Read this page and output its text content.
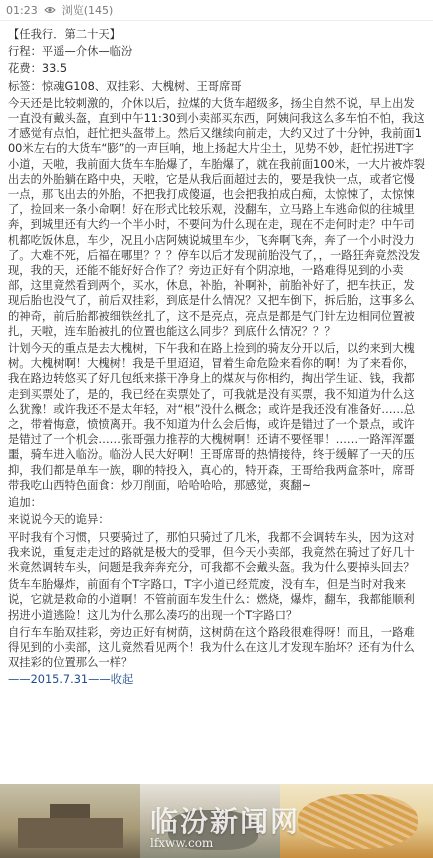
01:23 浏览(145)
【任我行．第二十天】
行程：平遥—介休—临汾
花费：33.5
标签：惊魂G108、双挂彩、大槐树、王哥席哥
今天还是比较刺激的，介休以后，拉煤的大货车超级多，扬尘自然不说，早上出发一直没有戴头盔，直到中午11:30到小卖部买东西，阿姨问我这么多车怕不怕，我这才感觉有点怕，赶忙把头盔带上。然后又继续向前走，大约又过了十分钟，我前面100米左右的大货车“膨”的一声巨响，地上扬起大片尘土，见势不妙，赶忙拐进T字小道，天啦，我前面大货车车胎爆了，车胎爆了，就在我前面100米，一大片被炸裂出去的外胎躺在路中央，天啦，它是从我后面超过去的，要是我快一点，或者它慢一点，那飞出去的外胎，不把我打成傻逼，也会把我拍成白痴，太惊悚了，太惊悚了，捡回来一条小命啊！好在形式比较乐观，没翻车，立马路上车逃命似的往城里奔，到城里还有大约一个半小时，不要问为什么现在走，现在不走何时走？中午司机都吃饭休息，车少，况且小店阿姨说城里车少，飞奔啊飞奔，奔了一个小时没力了。大难不死，后福在哪里？？？停车以后才发现前胎没气了，，一路狂奔竟然没发现，我的天，还能不能好好合作了？旁边正好有个阴凉地，一路难得见到的小卖部，这里竟然看到两个，买水，休息，补胎，补啊补，前胎补好了，把车扶正，发现后胎也没气了，前后双挂彩，到底是什么情况？又把车倒下，拆后胎，这事多么的神奇，前后胎都被细铁丝扎了，这不是亮点，亮点是都是气门针左边相同位置被扎，天啦，连车胎被扎的位置也能这么同步？到底什么情况？？？
计划今天的重点是去大槐树，下午我和在路上捡到的骑友分开以后，以约来到大槐树。大槐树啊！大槐树！我是千里迢迢，冒着生命危险来看你的啊！为了来看你，我在路边转悠买了好几包纸来搽干净身上的煤灰与你相约，掏出学生证、钱，我都走到买票处了，是的，我已经在卖票处了，可我就是没有买票，我不知道为什么这么犹豫！或许我还不是太年轻，对“根”没什么概念；或许是我还没有准备好……总之，带着悔意，愤愤离开。我不知道为什么会后悔，或许是错过了一个景点，或许是错过了一个机会……张哥强力推荐的大槐树啊！还请不要怪罪！……一路浑浑噩噩，骑车进入临汾。临汾人民大好啊！王哥席哥的热情接待，终于缓解了一天的压抑，我们都是单车一族，聊的特投入，真心的，特开森，王哥给我两盒茶叶，席哥带我吃山西特色面食：炒刀削面，哈哈哈哈，那感觉，爽翻~
追加：
来说说今天的诡异：
平时我有个习惯，只要骑过了，那怕只骑过了几米，我都不会调转车头，因为这对我来说，重复走走过的路就是极大的受罪，但今天小卖部，我竟然在骑过了好几十米竟然调转车头，问题是我奔奔充分，可我都不会戴头盔。我为什么要掉头回去？
货车车胎爆炸，前面有个T字路口，T字小道已经荒废，没有车，但是当时对我来说，它就是救命的小道啊！不管前面车发生什么：燃烧，爆炸，翻车，我都能顺利拐进小道逃险！这儿为什么那么凑巧的出现一个T字路口？
自行车车胎双挂彩，旁边正好有树荫，这树荫在这个路段很难得呀！而且，一路难得见到的小卖部，这儿竟然看见两个！我为什么在这儿才发现车胎坏？还有为什么双挂彩的位置那么一样？
——2015.7.31——收起
临汾新闻网
lfxww.com
